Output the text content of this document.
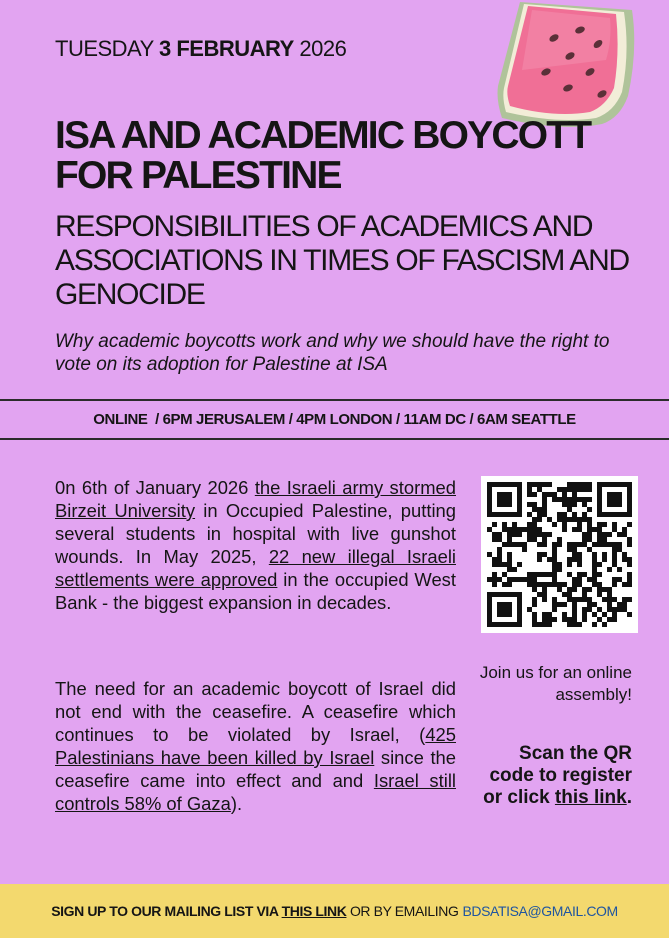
TUESDAY 3 FEBRUARY 2026
ISA AND ACADEMIC BOYCOTT FOR PALESTINE
RESPONSIBILITIES OF ACADEMICS AND ASSOCIATIONS IN TIMES OF FASCISM AND GENOCIDE
Why academic boycotts work and why we should have the right to vote on its adoption for Palestine at ISA
ONLINE  / 6PM JERUSALEM / 4PM LONDON / 11AM DC / 6AM SEATTLE
0n 6th of January 2026 the Israeli army stormed Birzeit University in Occupied Palestine, putting several students in hospital with live gunshot wounds. In May 2025, 22 new illegal Israeli settlements were approved in the occupied West Bank - the biggest expansion in decades.
The need for an academic boycott of Israel did not end with the ceasefire. A ceasefire which continues to be violated by Israel, (425 Palestinians have been killed by Israel since the ceasefire came into effect and and Israel still controls 58% of Gaza).
Join us for an online assembly!
Scan the QR code to register or click this link.
SIGN UP TO OUR MAILING LIST VIA THIS LINK OR BY EMAILING BDSATISA@GMAIL.COM
